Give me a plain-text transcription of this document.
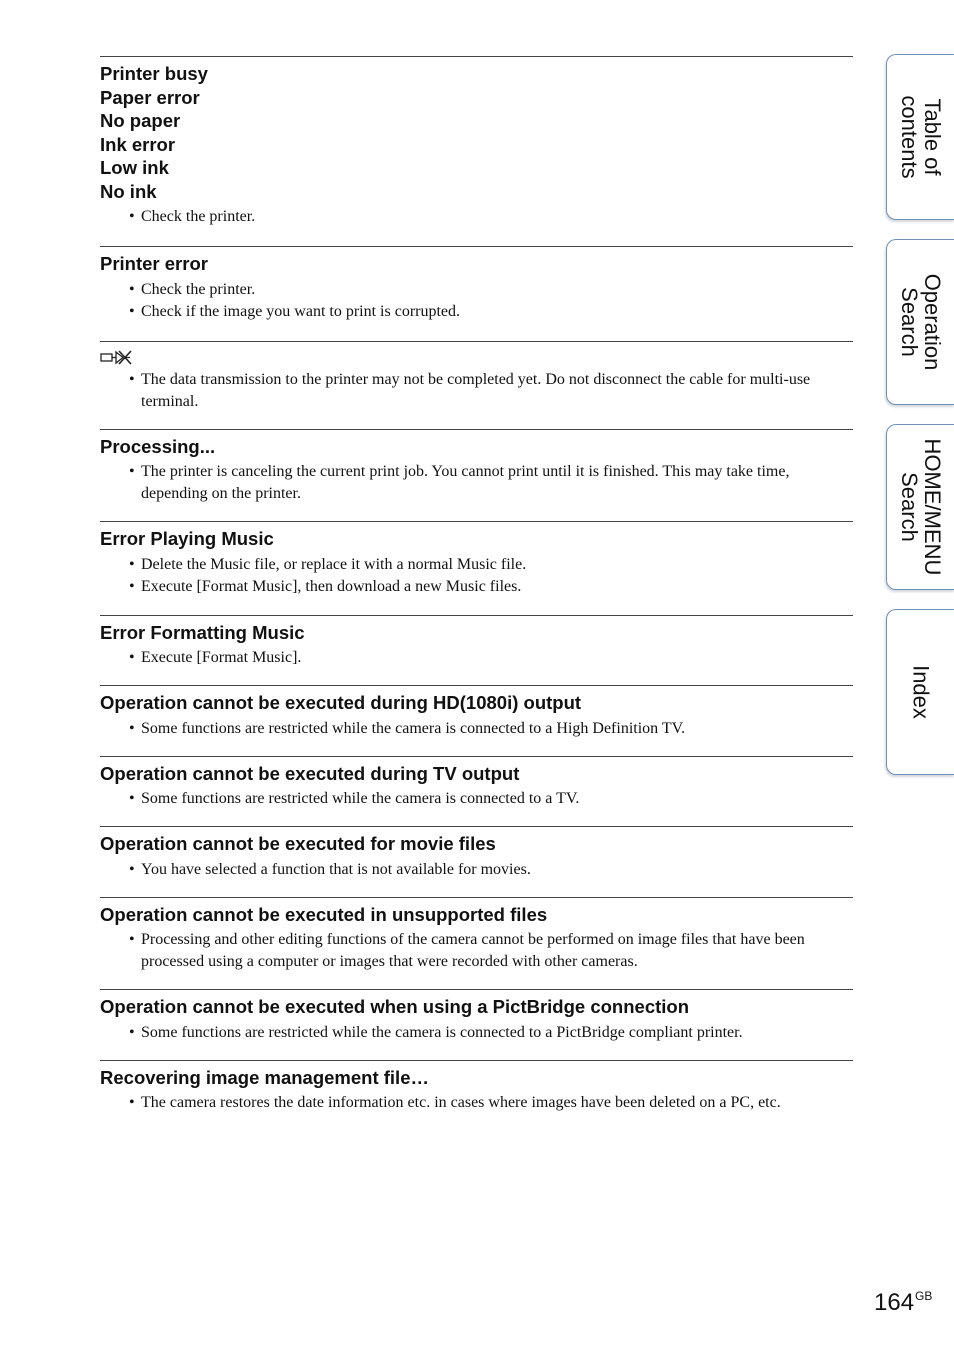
Printer busy
Paper error
No paper
Ink error
Low ink
No ink
• Check the printer.
Printer error
• Check the printer.
• Check if the image you want to print is corrupted.
• The data transmission to the printer may not be completed yet. Do not disconnect the cable for multi-use terminal.
Processing...
• The printer is canceling the current print job. You cannot print until it is finished. This may take time, depending on the printer.
Error Playing Music
• Delete the Music file, or replace it with a normal Music file.
• Execute [Format Music], then download a new Music files.
Error Formatting Music
• Execute [Format Music].
Operation cannot be executed during HD(1080i) output
• Some functions are restricted while the camera is connected to a High Definition TV.
Operation cannot be executed during TV output
• Some functions are restricted while the camera is connected to a TV.
Operation cannot be executed for movie files
• You have selected a function that is not available for movies.
Operation cannot be executed in unsupported files
• Processing and other editing functions of the camera cannot be performed on image files that have been processed using a computer or images that were recorded with other cameras.
Operation cannot be executed when using a PictBridge connection
• Some functions are restricted while the camera is connected to a PictBridge compliant printer.
Recovering image management file…
• The camera restores the date information etc. in cases where images have been deleted on a PC, etc.
Table of
contents
Operation
Search
HOME/MENU
Search
Index
$164^{GB}$
